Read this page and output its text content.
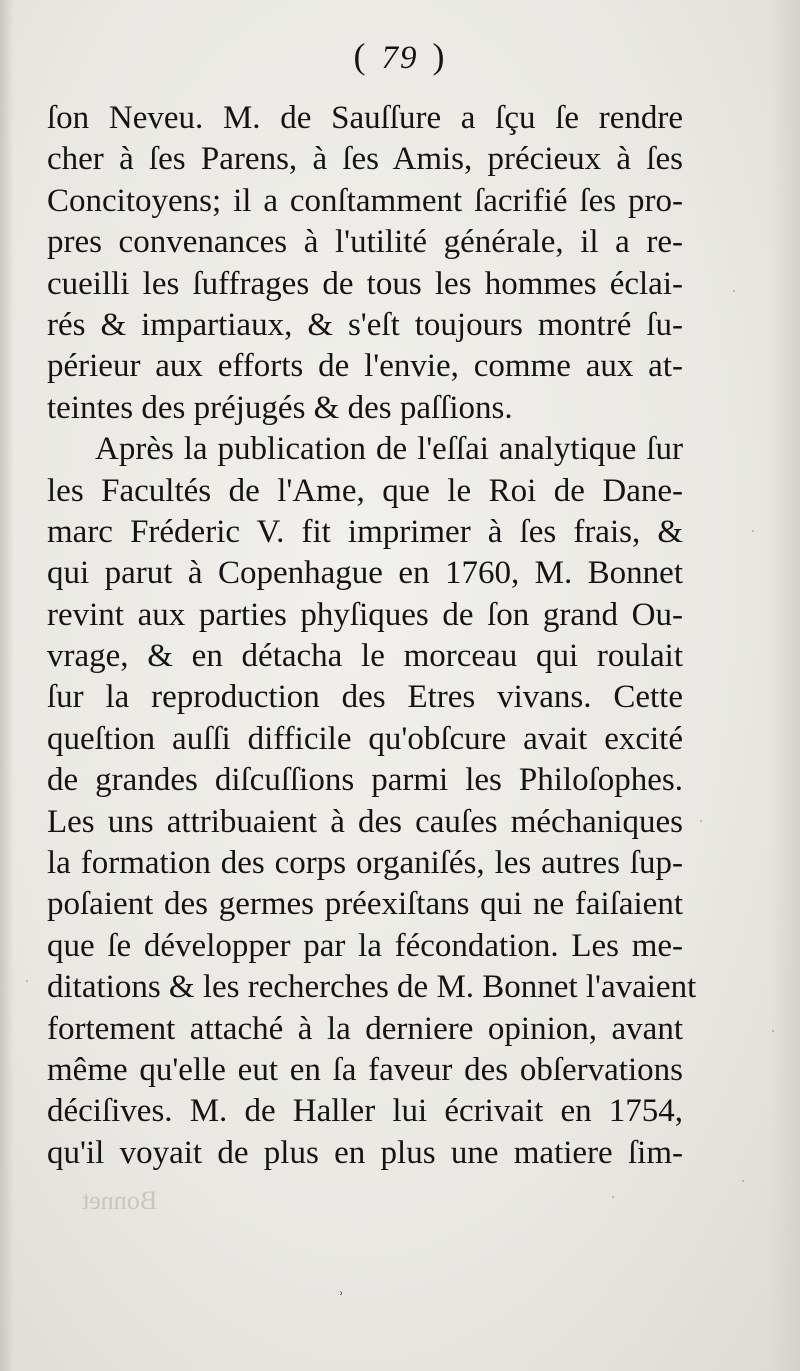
( 79 )
ſon Neveu. M. de Sauſſure a ſçu ſe rendre
cher à ſes Parens, à ſes Amis, précieux à ſes
Concitoyens; il a conſtamment ſacrifié ſes pro-
pres convenances à l'utilité générale, il a re-
cueilli les ſuffrages de tous les hommes éclai-
rés & impartiaux, & s'eſt toujours montré ſu-
périeur aux efforts de l'envie, comme aux at-
teintes des préjugés & des paſſions.
Après la publication de l'eſſai analytique ſur
les Facultés de l'Ame, que le Roi de Dane-
marc Fréderic V. fit imprimer à ſes frais, &
qui parut à Copenhague en 1760, M. Bonnet
revint aux parties phyſiques de ſon grand Ou-
vrage, & en détacha le morceau qui roulait
ſur la reproduction des Etres vivans. Cette
queſtion auſſi difficile qu'obſcure avait excité
de grandes diſcuſſions parmi les Philoſophes.
Les uns attribuaient à des cauſes méchaniques
la formation des corps organiſés, les autres ſup-
poſaient des germes préexiſtans qui ne faiſaient
que ſe développer par la fécondation. Les me-
ditations & les recherches de M. Bonnet l'avaient
fortement attaché à la derniere opinion, avant
même qu'elle eut en ſa faveur des obſervations
déciſives. M. de Haller lui écrivait en 1754,
qu'il voyait de plus en plus une matiere ſim-
Bonnet
˒
